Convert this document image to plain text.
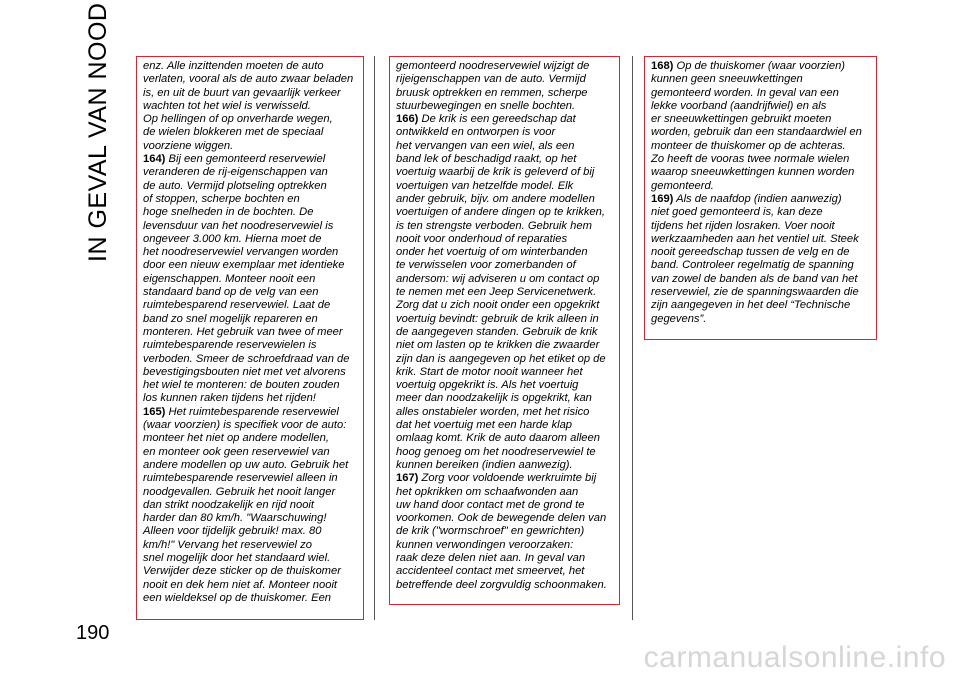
IN GEVAL VAN NOOD	enz. Alle inzittenden moeten de auto
verlaten, vooral als de auto zwaar beladen
is, en uit de buurt van gevaarlijk verkeer
wachten tot het wiel is verwisseld.
Op hellingen of op onverharde wegen,
de wielen blokkeren met de speciaal
voorziene wiggen.

164) Bij een gemonteerd reservewiel
veranderen de rij-eigenschappen van
de auto. Vermijd plotseling optrekken
of stoppen, scherpe bochten en
hoge snelheden in de bochten. De
levensduur van het noodreservewiel is
ongeveer 3.000 km. Hierna moet de
het noodreservewiel vervangen worden
door een nieuw exemplaar met identieke
eigenschappen. Monteer nooit een
standaard band op de velg van een
ruimtebesparend reservewiel. Laat de
band zo snel mogelijk repareren en
monteren. Het gebruik van twee of meer
ruimtebesparende reservewielen is
verboden. Smeer de schroefdraad van de
bevestigingsbouten niet met vet alvorens
het wiel te monteren: de bouten zouden
los kunnen raken tijdens het rijden!

165) Het ruimtebesparende reservewiel
(waar voorzien) is specifiek voor de auto:
monteer het niet op andere modellen,
en monteer ook geen reservewiel van
andere modellen op uw auto. Gebruik het
ruimtebesparende reservewiel alleen in
noodgevallen. Gebruik het nooit langer
dan strikt noodzakelijk en rijd nooit
harder dan 80 km/h. "Waarschuwing!
Alleen voor tijdelijk gebruik! max. 80
km/h!" Vervang het reservewiel zo
snel mogelijk door het standaard wiel.
Verwijder deze sticker op de thuiskomer
nooit en dek hem niet af. Monteer nooit
een wieldeksel op de thuiskomer. Een

gemonteerd noodreservewiel wijzigt de
rijeigenschappen van de auto. Vermijd
bruusk optrekken en remmen, scherpe
stuurbewegingen en snelle bochten.

166) De krik is een gereedschap dat
ontwikkeld en ontworpen is voor
het vervangen van een wiel, als een
band lek of beschadigd raakt, op het
voertuig waarbij de krik is geleverd of bij
voertuigen van hetzelfde model. Elk
ander gebruik, bijv. om andere modellen
voertuigen of andere dingen op te krikken,
is ten strengste verboden. Gebruik hem
nooit voor onderhoud of reparaties
onder het voertuig of om winterbanden
te verwisselen voor zomerbanden of
andersom: wij adviseren u om contact op
te nemen met een Jeep Servicenetwerk.
Zorg dat u zich nooit onder een opgekrikt
voertuig bevindt: gebruik de krik alleen in
de aangegeven standen. Gebruik de krik
niet om lasten op te krikken die zwaarder
zijn dan is aangegeven op het etiket op de
krik. Start de motor nooit wanneer het
voertuig opgekrikt is. Als het voertuig
meer dan noodzakelijk is opgekrikt, kan
alles onstabieler worden, met het risico
dat het voertuig met een harde klap
omlaag komt. Krik de auto daarom alleen
hoog genoeg om het noodreservewiel te
kunnen bereiken (indien aanwezig).

167) Zorg voor voldoende werkruimte bij
het opkrikken om schaafwonden aan
uw hand door contact met de grond te
voorkomen. Ook de bewegende delen van
de krik ("wormschroef" en gewrichten)
kunnen verwondingen veroorzaken:
raak deze delen niet aan. In geval van
accidenteel contact met smeervet, het
betreffende deel zorgvuldig schoonmaken.

168) Op de thuiskomer (waar voorzien)
kunnen geen sneeuwkettingen
gemonteerd worden. In geval van een
lekke voorband (aandrijfwiel) en als
er sneeuwkettingen gebruikt moeten
worden, gebruik dan een standaardwiel en
monteer de thuiskomer op de achteras.
Zo heeft de vooras twee normale wielen
waarop sneeuwkettingen kunnen worden
gemonteerd.

169) Als de naafdop (indien aanwezig)
niet goed gemonteerd is, kan deze
tijdens het rijden losraken. Voer nooit
werkzaamheden aan het ventiel uit. Steek
nooit gereedschap tussen de velg en de
band. Controleer regelmatig de spanning
van zowel de banden als de band van het
reservewiel, zie de spanningswaarden die
zijn aangegeven in het deel “Technische
gegevens”.

190
carmanualsonline.info
